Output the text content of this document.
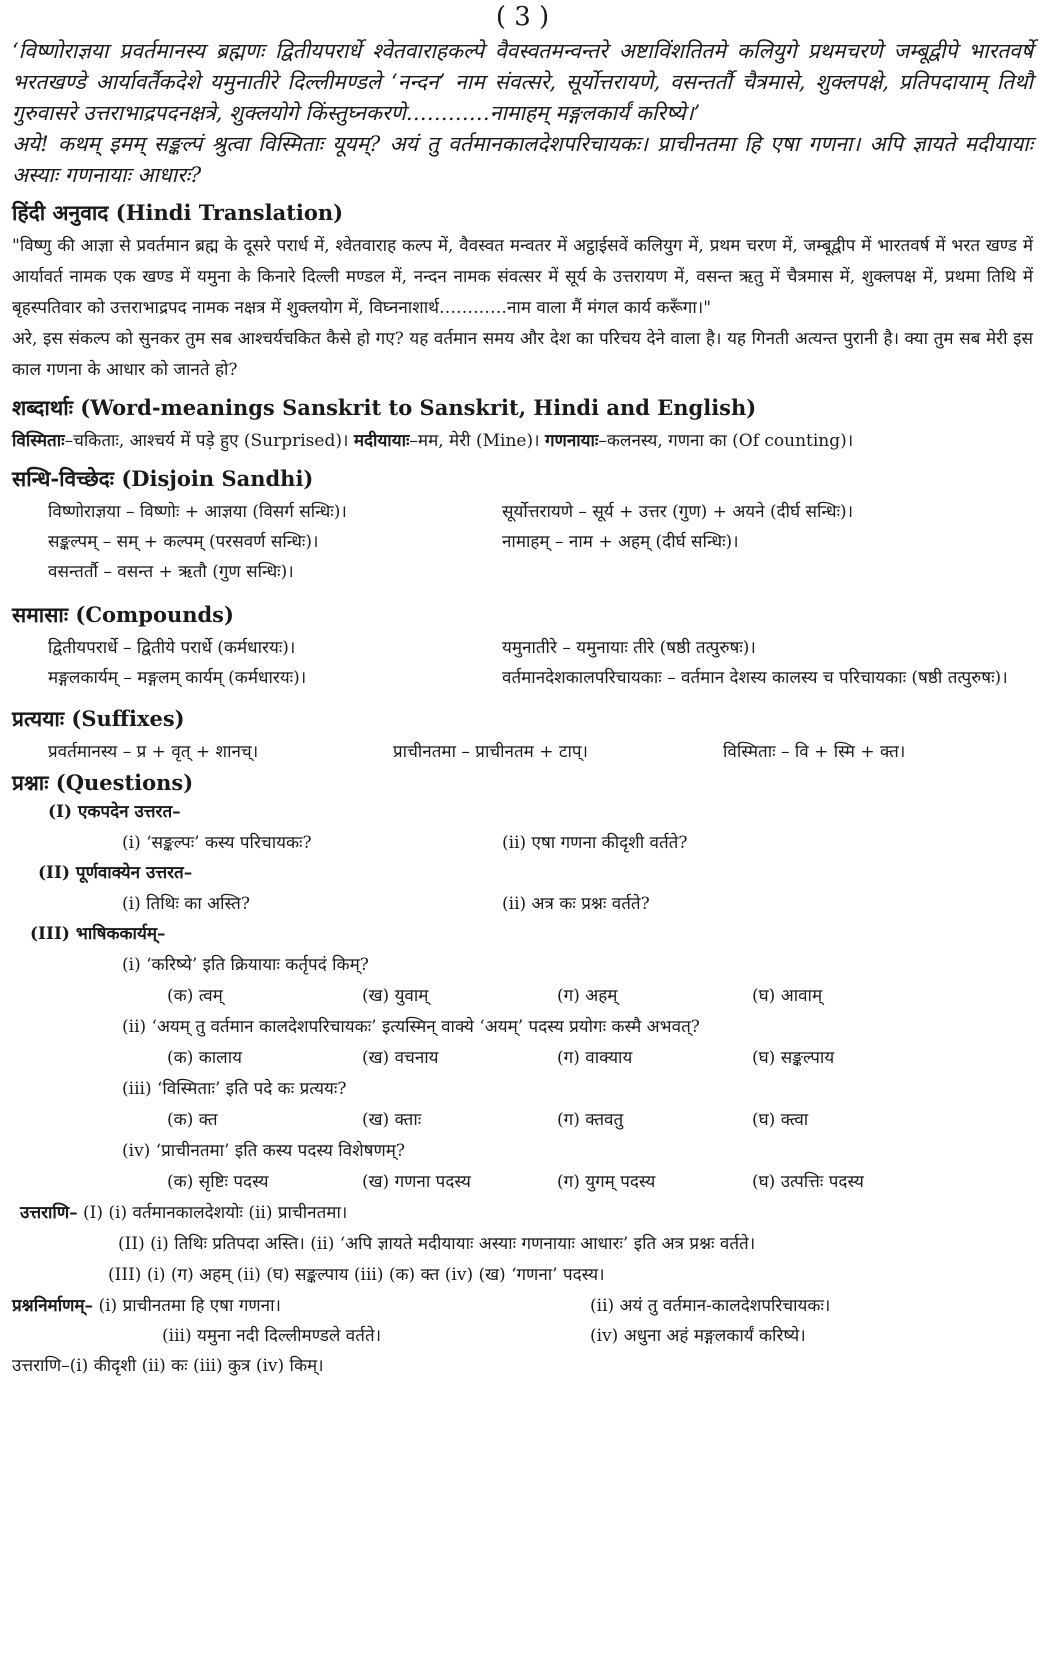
( 3 )

‘विष्णोराज्ञया प्रवर्तमानस्य ब्रह्मणः द्वितीयपरार्धे श्वेतवाराहकल्पे वैवस्वतमन्वन्तरे अष्टाविंशतितमे कलियुगे प्रथमचरणे जम्बूद्वीपे भारतवर्षे भरतखण्डे आर्यावर्तैकदेशे यमुनातीरे दिल्लीमण्डले ‘नन्दन’ नाम संवत्सरे, सूर्योत्तरायणे, वसन्तर्तौ चैत्रमासे, शुक्लपक्षे, प्रतिपदायाम् तिथौ गुरुवासरे उत्तराभाद्रपदनक्षत्रे, शुक्लयोगे किंस्तुघ्नकरणे…………नामाहम् मङ्गलकार्यं करिष्ये।’

अये! कथम् इमम् सङ्कल्पं श्रुत्वा विस्मिताः यूयम्? अयं तु वर्तमानकालदेशपरिचायकः। प्राचीनतमा हि एषा गणना। अपि ज्ञायते मदीयायाः अस्याः गणनायाः आधारः?

हिंदी अनुवाद (Hindi Translation)

"विष्णु की आज्ञा से प्रवर्तमान ब्रह्म के दूसरे परार्ध में, श्वेतवाराह कल्प में, वैवस्वत मन्वतर में अट्ठाईसवें कलियुग में, प्रथम चरण में, जम्बूद्वीप में भारतवर्ष में भरत खण्ड में आर्यावर्त नामक एक खण्ड में यमुना के किनारे दिल्ली मण्डल में, नन्दन नामक संवत्सर में सूर्य के उत्तरायण में, वसन्त ऋतु में चैत्रमास में, शुक्लपक्ष में, प्रथमा तिथि में बृहस्पतिवार को उत्तराभाद्रपद नामक नक्षत्र में शुक्लयोग में, विघ्ननाशार्थ…………नाम वाला मैं मंगल कार्य करूँगा।"

अरे, इस संकल्प को सुनकर तुम सब आश्चर्यचकित कैसे हो गए? यह वर्तमान समय और देश का परिचय देने वाला है। यह गिनती अत्यन्त पुरानी है। क्या तुम सब मेरी इस काल गणना के आधार को जानते हो?

शब्दार्थाः (Word-meanings Sanskrit to Sanskrit, Hindi and English)

विस्मिताः–चकिताः, आश्चर्य में पड़े हुए (Surprised)। मदीयायाः–मम, मेरी (Mine)। गणनायाः–कलनस्य, गणना का (Of counting)।

सन्धि-विच्छेदः (Disjoin Sandhi)
विष्णोराज्ञया – विष्णोः + आज्ञया (विसर्ग सन्धिः)।	सूर्योत्तरायणे – सूर्य + उत्तर (गुण) + अयने (दीर्घ सन्धिः)।
सङ्कल्पम् – सम् + कल्पम् (परसवर्ण सन्धिः)।	नामाहम् – नाम + अहम् (दीर्घ सन्धिः)।
वसन्तर्तौ – वसन्त + ऋतौ (गुण सन्धिः)।
समासाः (Compounds)
द्वितीयपरार्धे – द्वितीये परार्धे (कर्मधारयः)।	यमुनातीरे – यमुनायाः तीरे (षष्ठी तत्पुरुषः)।
मङ्गलकार्यम् – मङ्गलम् कार्यम् (कर्मधारयः)।	वर्तमानदेशकालपरिचायकाः – वर्तमान देशस्य कालस्य च परिचायकाः (षष्ठी तत्पुरुषः)।
प्रत्ययाः (Suffixes)
प्रवर्तमानस्य – प्र + वृत् + शानच्।	प्राचीनतमा – प्राचीनतम + टाप्।	विस्मिताः – वि + स्मि + क्त।
प्रश्नाः (Questions)
(I) एकपदेन उत्तरत–
(i) ‘सङ्कल्पः’ कस्य परिचायकः?	(ii) एषा गणना कीदृशी वर्तते?
(II) पूर्णवाक्येन उत्तरत–
(i) तिथिः का अस्ति?	(ii) अत्र कः प्रश्नः वर्तते?
(III) भाषिककार्यम्–
(i) ‘करिष्ये’ इति क्रियायाः कर्तृपदं किम्?
(क) त्वम्	(ख) युवाम्	(ग) अहम्	(घ) आवाम्
(ii) ‘अयम् तु वर्तमान कालदेशपरिचायकः’ इत्यस्मिन् वाक्ये ‘अयम्’ पदस्य प्रयोगः कस्मै अभवत्?
(क) कालाय	(ख) वचनाय	(ग) वाक्याय	(घ) सङ्कल्पाय
(iii) ‘विस्मिताः’ इति पदे कः प्रत्ययः?
(क) क्त	(ख) क्ताः	(ग) क्तवतु	(घ) क्त्वा
(iv) ‘प्राचीनतमा’ इति कस्य पदस्य विशेषणम्?
(क) सृष्टिः पदस्य	(ख) गणना पदस्य	(ग) युगम् पदस्य	(घ) उत्पत्तिः पदस्य
उत्तराणि– (I) (i) वर्तमानकालदेशयोः (ii) प्राचीनतमा।
(II) (i) तिथिः प्रतिपदा अस्ति। (ii) ‘अपि ज्ञायते मदीयायाः अस्याः गणनायाः आधारः’ इति अत्र प्रश्नः वर्तते।
(III) (i) (ग) अहम् (ii) (घ) सङ्कल्पाय (iii) (क) क्त (iv) (ख) ‘गणना’ पदस्य।
प्रश्ननिर्माणम्– (i) प्राचीनतमा हि एषा गणना।	(ii) अयं तु वर्तमान-कालदेशपरिचायकः।
(iii) यमुना नदी दिल्लीमण्डले वर्तते।	(iv) अधुना अहं मङ्गलकार्यं करिष्ये।
उत्तराणि–(i) कीदृशी (ii) कः (iii) कुत्र (iv) किम्।
